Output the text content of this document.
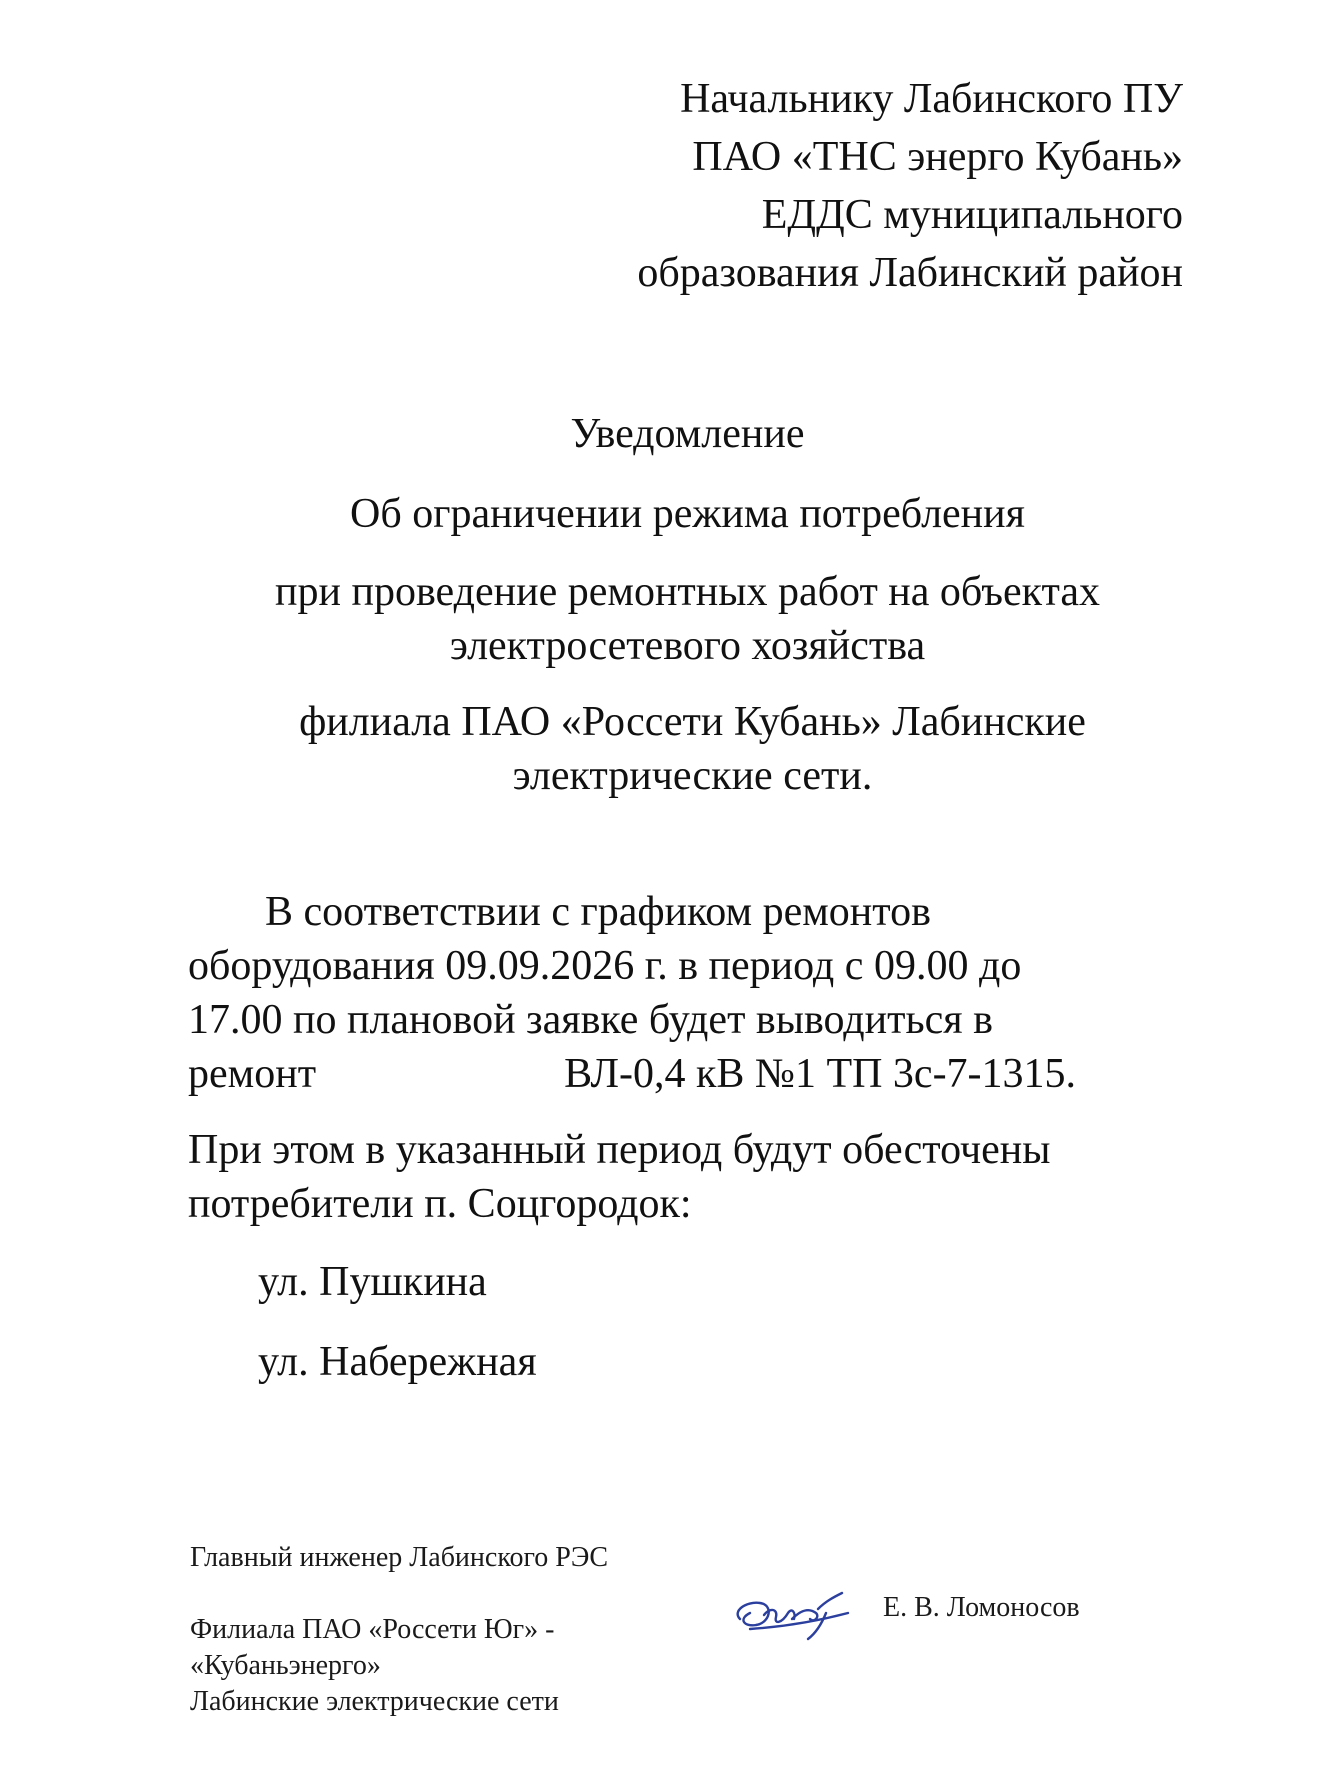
Начальнику Лабинского ПУ
ПАО «ТНС энерго Кубань»
ЕДДС муниципального
образования Лабинский район
Уведомление
Об ограничении режима потребления
при проведение ремонтных работ на объектах
электросетевого хозяйства
филиала ПАО «Россети Кубань» Лабинские
электрические сети.
В соответствии с графиком ремонтов
оборудования 09.09.2026 г. в период с 09.00 до
17.00 по плановой заявке будет выводиться в
ремонт	ВЛ-0,4 кВ №1 ТП 3с-7-1315.
При этом в указанный период будут обесточены
потребители п. Соцгородок:
ул. Пушкина
ул. Набережная
Главный инженер Лабинского РЭС
Филиала ПАО «Россети Юг» -
«Кубаньэнерго»
Лабинские электрические сети
Е. В. Ломоносов
